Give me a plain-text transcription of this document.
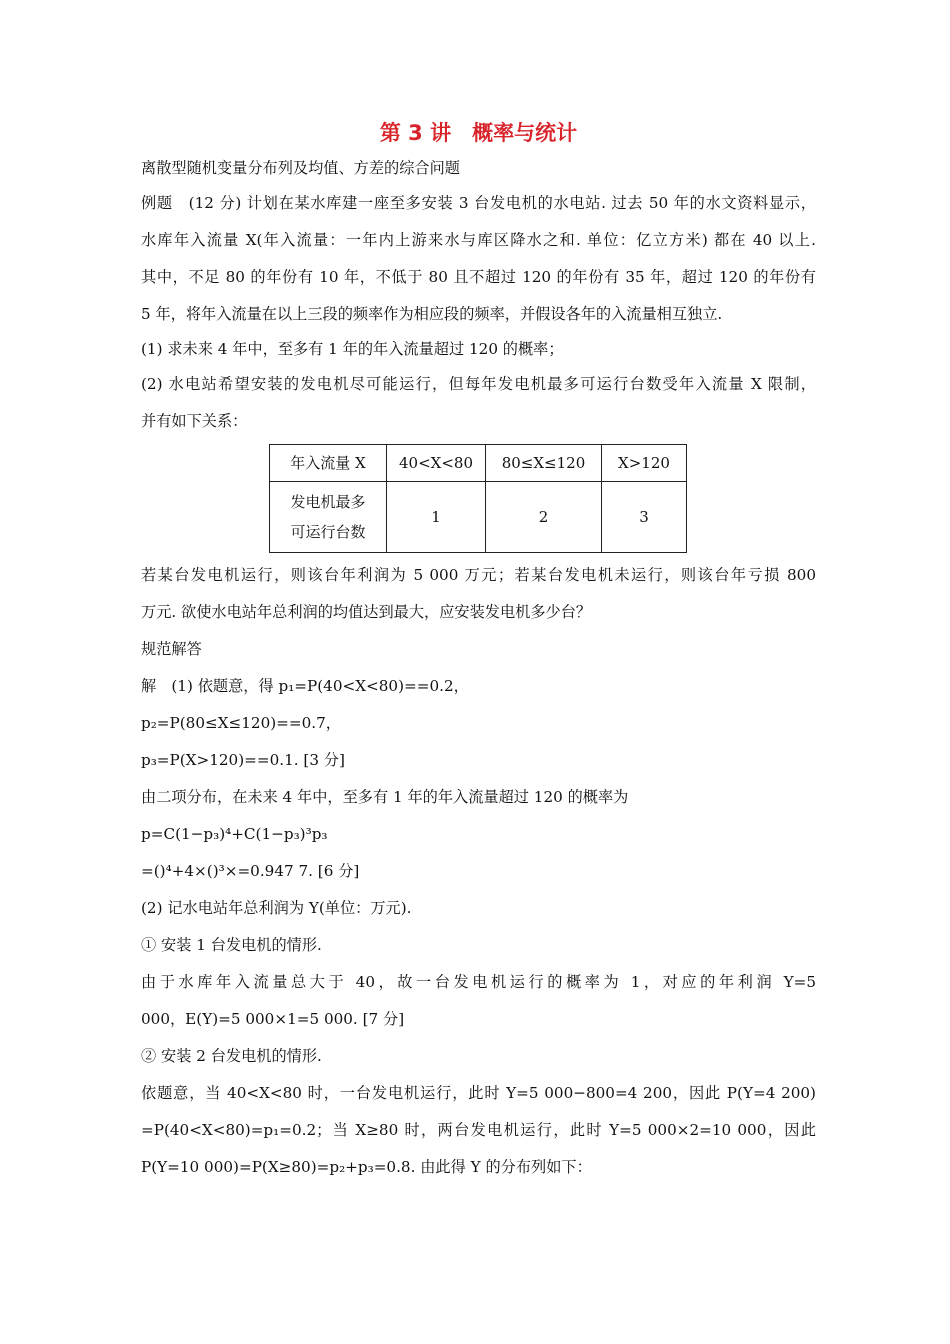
第 3 讲　概率与统计
离散型随机变量分布列及均值、方差的综合问题
例题　(12 分) 计划在某水库建一座至多安装 3 台发电机的水电站. 过去 50 年的水文资料显示，
水库年入流量 X(年入流量：一年内上游来水与库区降水之和. 单位：亿立方米) 都在 40 以上.
其中，不足 80 的年份有 10 年，不低于 80 且不超过 120 的年份有 35 年，超过 120 的年份有
5 年，将年入流量在以上三段的频率作为相应段的频率，并假设各年的入流量相互独立.
(1) 求未来 4 年中，至多有 1 年的年入流量超过 120 的概率；
(2) 水电站希望安装的发电机尽可能运行，但每年发电机最多可运行台数受年入流量 X 限制，
并有如下关系：
年入流量 X	40<X<80	80≤X≤120	X>120

发电机最多
可运行台数	1	2	3
若某台发电机运行，则该台年利润为 5 000 万元；若某台发电机未运行，则该台年亏损 800
万元. 欲使水电站年总利润的均值达到最大，应安装发电机多少台？
规范解答
解　(1) 依题意，得 p₁=P(40<X<80)==0.2，
p₂=P(80≤X≤120)==0.7，
p₃=P(X>120)==0.1. [3 分]
由二项分布，在未来 4 年中，至多有 1 年的年入流量超过 120 的概率为
p=C(1−p₃)⁴+C(1−p₃)³p₃
=()⁴+4×()³×=0.947 7. [6 分]
(2) 记水电站年总利润为 Y(单位：万元).
① 安装 1 台发电机的情形.
由于水库年入流量总大于 40，故一台发电机运行的概率为 1，对应的年利润 Y=5
000，E(Y)=5 000×1=5 000. [7 分]
② 安装 2 台发电机的情形.
依题意，当 40<X<80 时，一台发电机运行，此时 Y=5 000−800=4 200，因此 P(Y=4 200)
=P(40<X<80)=p₁=0.2；当 X≥80 时，两台发电机运行，此时 Y=5 000×2=10 000，因此
P(Y=10 000)=P(X≥80)=p₂+p₃=0.8. 由此得 Y 的分布列如下：
